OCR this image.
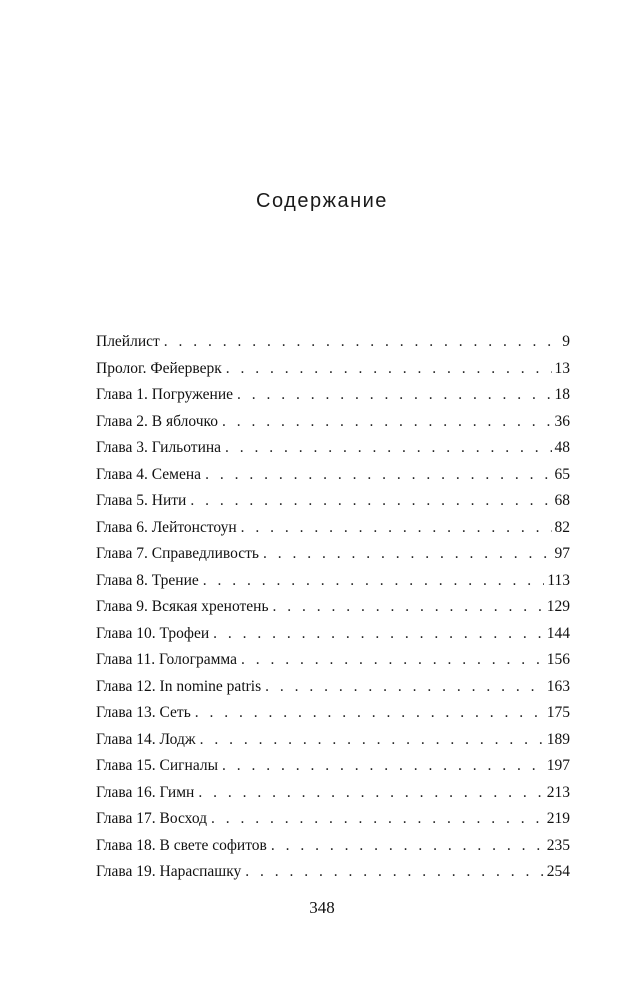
Содержание
Плейлист . . .	9
Пролог. Фейерверк . . .	13
Глава 1. Погружение . . .	18
Глава 2. В яблочко . . .	36
Глава 3. Гильотина . . .	48
Глава 4. Семена . . .	65
Глава 5. Нити . . .	68
Глава 6. Лейтонстоун . . .	82
Глава 7. Справедливость . . .	97
Глава 8. Трение . . .	113
Глава 9. Всякая хренотень . . .	129
Глава 10. Трофеи . . .	144
Глава 11. Голограмма . . .	156
Глава 12. In nomine patris . . .	163
Глава 13. Сеть . . .	175
Глава 14. Лодж . . .	189
Глава 15. Сигналы . . .	197
Глава 16. Гимн . . .	213
Глава 17. Восход . . .	219
Глава 18. В свете софитов . . .	235
Глава 19. Нараспашку . . .	254
348
